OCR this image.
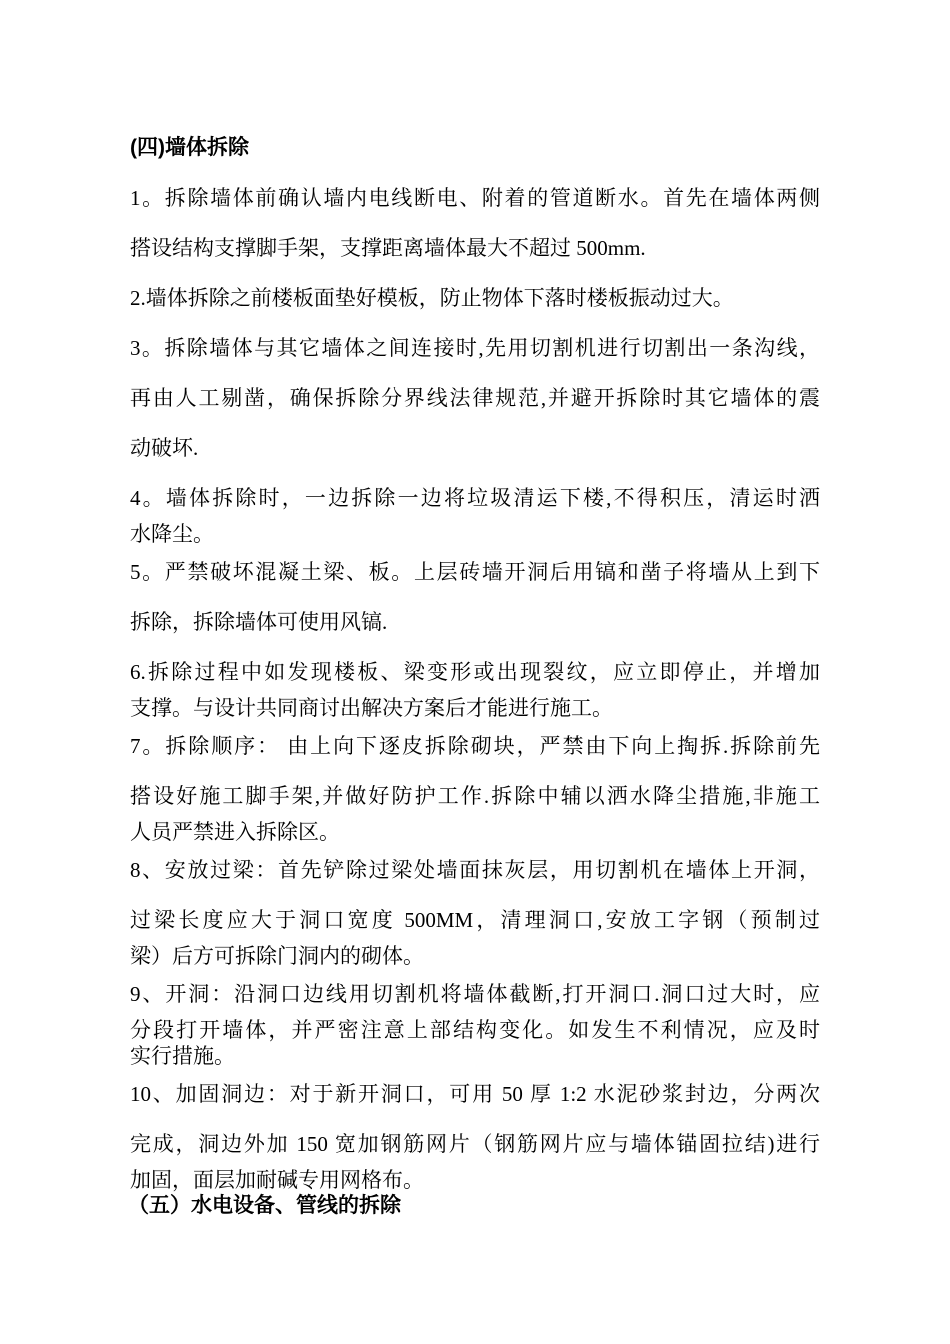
(四)墙体拆除

1。拆除墙体前确认墙内电线断电、附着的管道断水。首先在墙体两侧

搭设结构支撑脚手架，支撑距离墙体最大不超过 500mm.

2.墙体拆除之前楼板面垫好模板，防止物体下落时楼板振动过大。

3。拆除墙体与其它墙体之间连接时,先用切割机进行切割出一条沟线，

再由人工剔凿，确保拆除分界线法律规范,并避开拆除时其它墙体的震

动破坏.

4。墙体拆除时，一边拆除一边将垃圾清运下楼,不得积压，清运时洒

水降尘。

5。严禁破坏混凝土梁、板。上层砖墙开洞后用镐和凿子将墙从上到下

拆除，拆除墙体可使用风镐.

6.拆除过程中如发现楼板、梁变形或出现裂纹，应立即停止，并增加

支撑。与设计共同商讨出解决方案后才能进行施工。

7。拆除顺序： 由上向下逐皮拆除砌块，严禁由下向上掏拆.拆除前先

搭设好施工脚手架,并做好防护工作.拆除中辅以洒水降尘措施,非施工

人员严禁进入拆除区。

8、安放过梁：首先铲除过梁处墙面抹灰层，用切割机在墙体上开洞，

过梁长度应大于洞口宽度 500MM，清理洞口,安放工字钢（预制过

梁）后方可拆除门洞内的砌体。

9、开洞：沿洞口边线用切割机将墙体截断,打开洞口.洞口过大时，应

分段打开墙体，并严密注意上部结构变化。如发生不利情况，应及时

实行措施。

10、加固洞边：对于新开洞口，可用 50 厚 1:2 水泥砂浆封边，分两次

完成，洞边外加 150 宽加钢筋网片（钢筋网片应与墙体锚固拉结)进行

加固，面层加耐碱专用网格布。

（五）水电设备、管线的拆除
